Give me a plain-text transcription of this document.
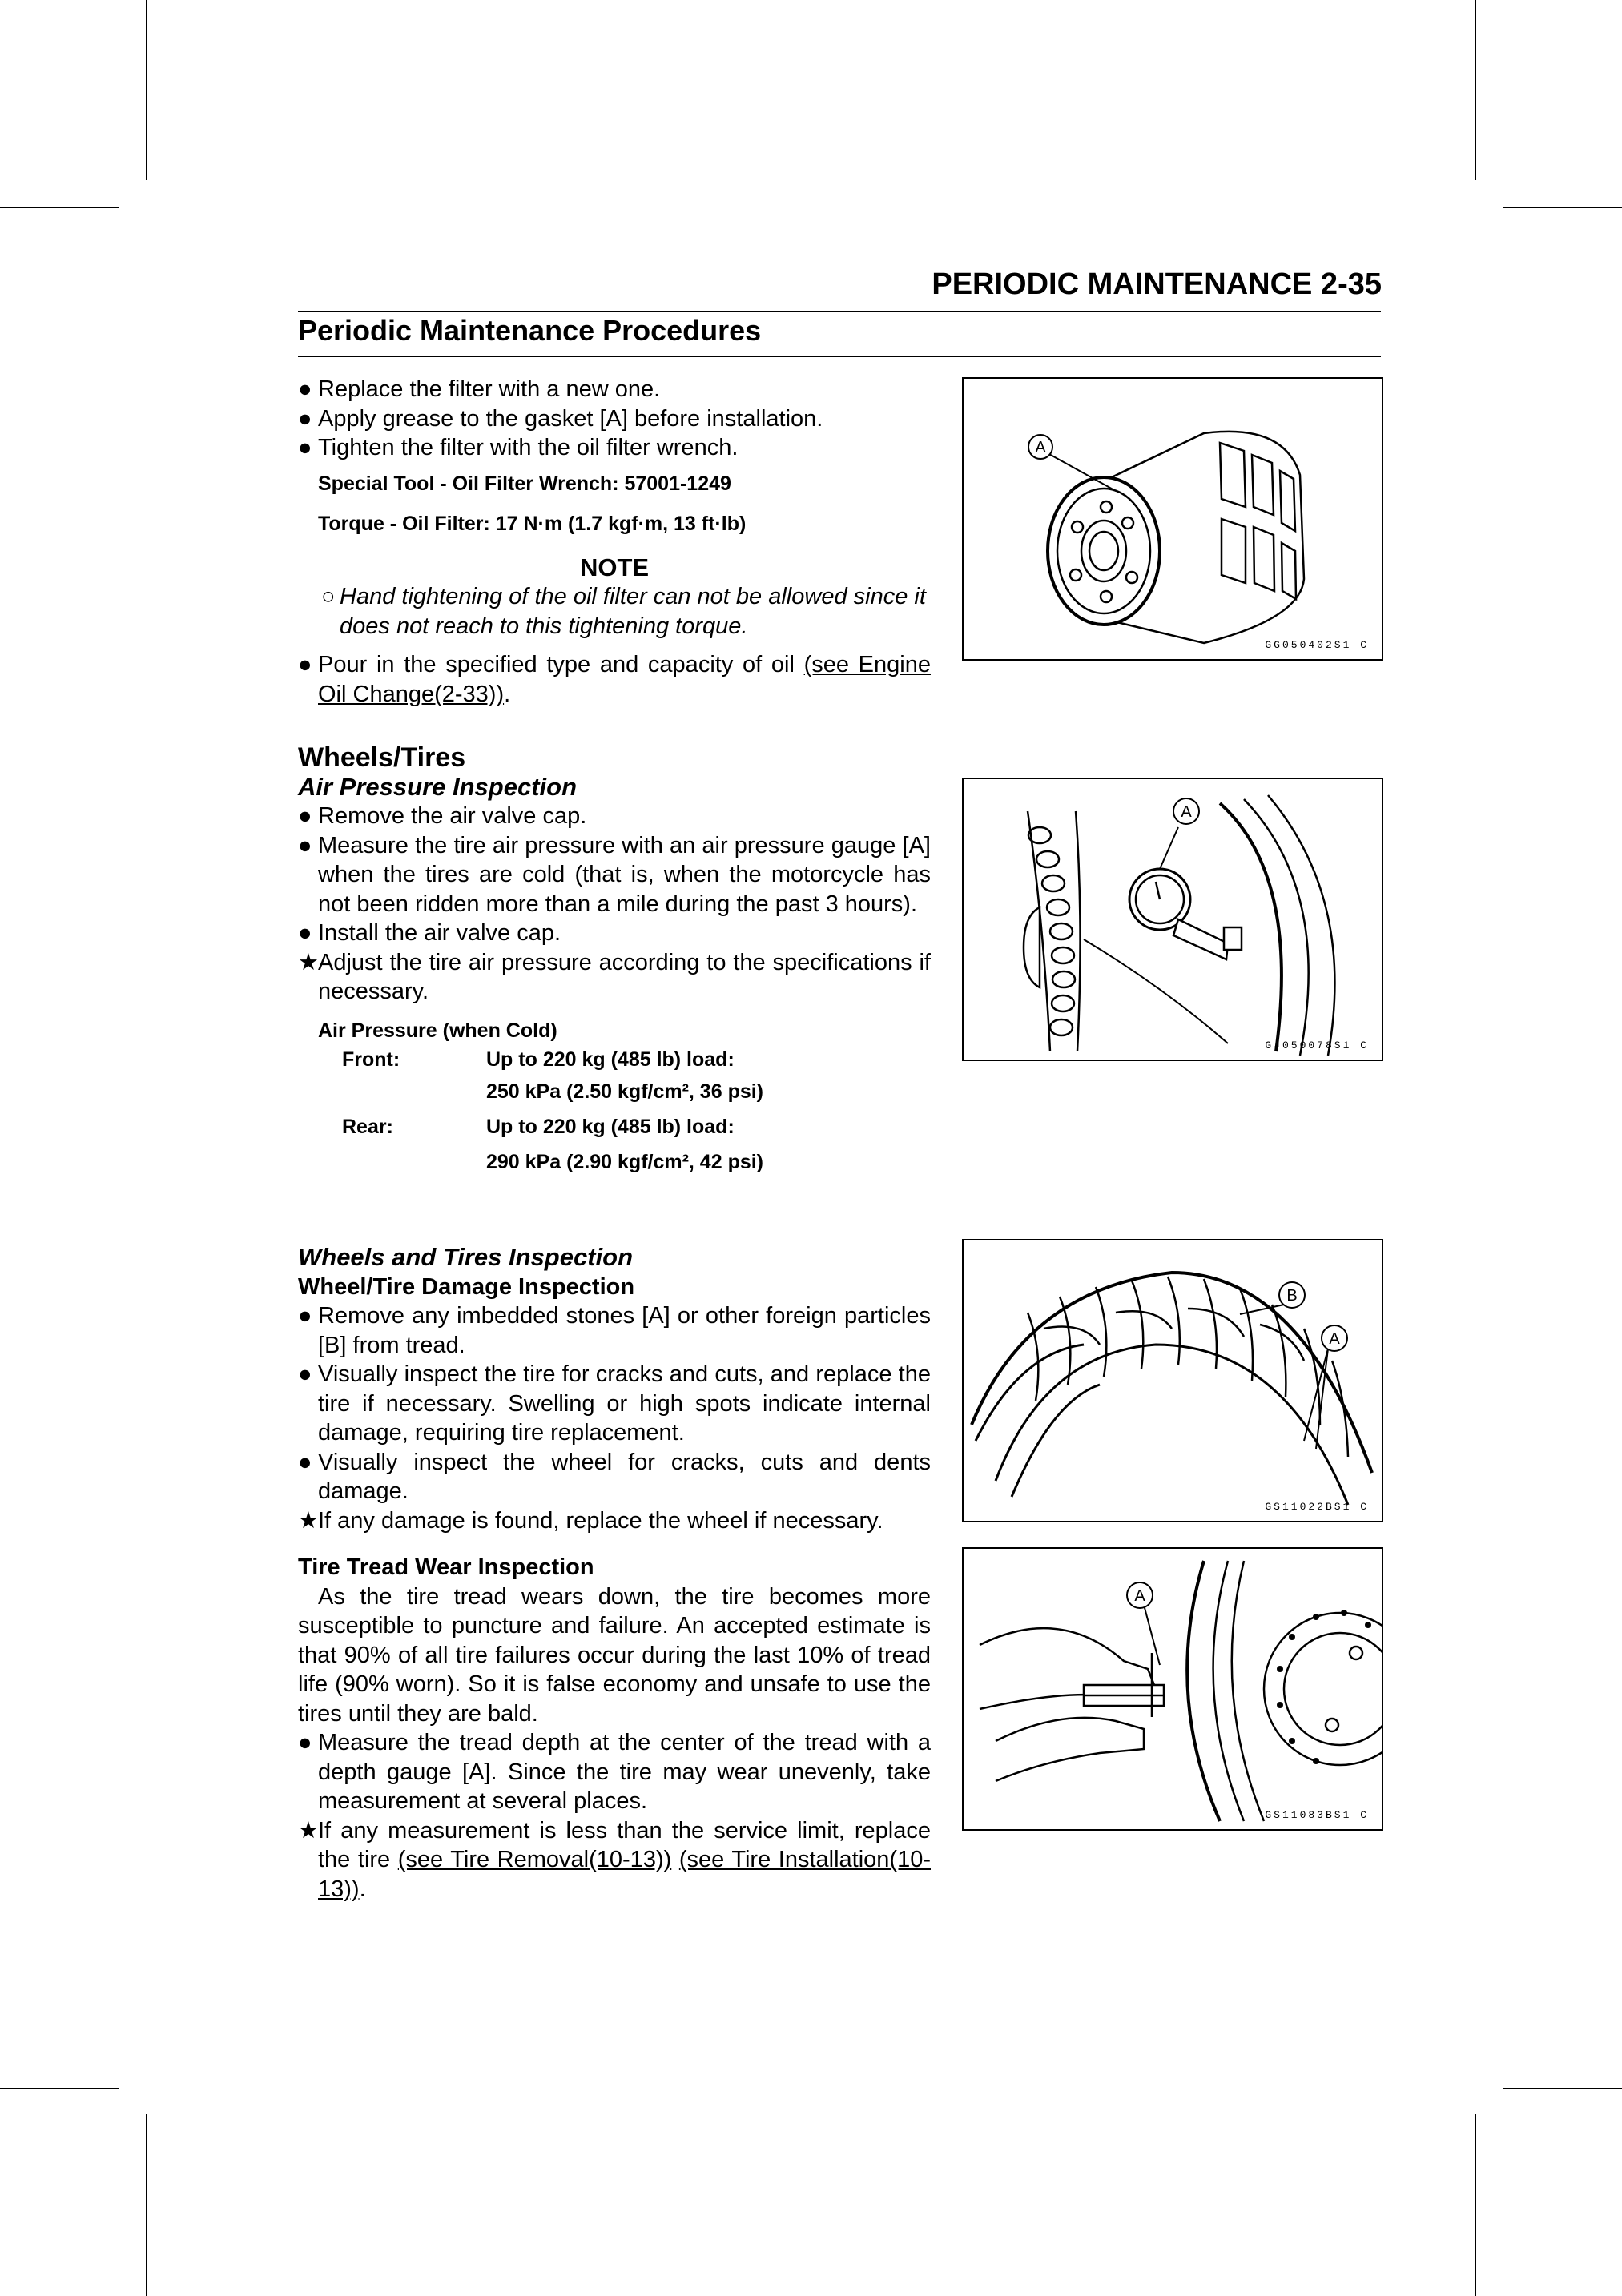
PERIODIC MAINTENANCE 2-35
Periodic Maintenance Procedures

● Replace the filter with a new one.

● Apply grease to the gasket [A] before installation.

● Tighten the filter with the oil filter wrench.

Special Tool - Oil Filter Wrench: 57001-1249

Torque - Oil Filter: 17 N·m (1.7 kgf·m, 13 ft·lb)

NOTE

○ Hand tightening of the oil filter can not be allowed since it does not reach to this tightening torque.

● Pour in the specified type and capacity of oil (see Engine Oil Change(2-33)).

Wheels/Tires

Air Pressure Inspection

● Remove the air valve cap.

● Measure the tire air pressure with an air pressure gauge [A] when the tires are cold (that is, when the motorcycle has not been ridden more than a mile during the past 3 hours).

● Install the air valve cap.

★ Adjust the tire air pressure according to the specifications if necessary.

Air Pressure (when Cold)

Front:	Up to 220 kg (485 lb) load:
250 kPa (2.50 kgf/cm², 36 psi)
Rear:	Up to 220 kg (485 lb) load:
290 kPa (2.90 kgf/cm², 42 psi)

Wheels and Tires Inspection

Wheel/Tire Damage Inspection

● Remove any imbedded stones [A] or other foreign particles [B] from tread.

● Visually inspect the tire for cracks and cuts, and replace the tire if necessary. Swelling or high spots indicate internal damage, requiring tire replacement.

● Visually inspect the wheel for cracks, cuts and dents damage.

★ If any damage is found, replace the wheel if necessary.

Tire Tread Wear Inspection

As the tire tread wears down, the tire becomes more susceptible to puncture and failure. An accepted estimate is that 90% of all tire failures occur during the last 10% of tread life (90% worn). So it is false economy and unsafe to use the tires until they are bald.

● Measure the tread depth at the center of the tread with a depth gauge [A]. Since the tire may wear unevenly, take measurement at several places.

★ If any measurement is less than the service limit, replace the tire (see Tire Removal(10-13)) (see Tire Installation(10-13)).

A
GG050402S1 C
A
GJ050078S1 C
B
A
GS11022BS1 C
A
GS11083BS1 C
